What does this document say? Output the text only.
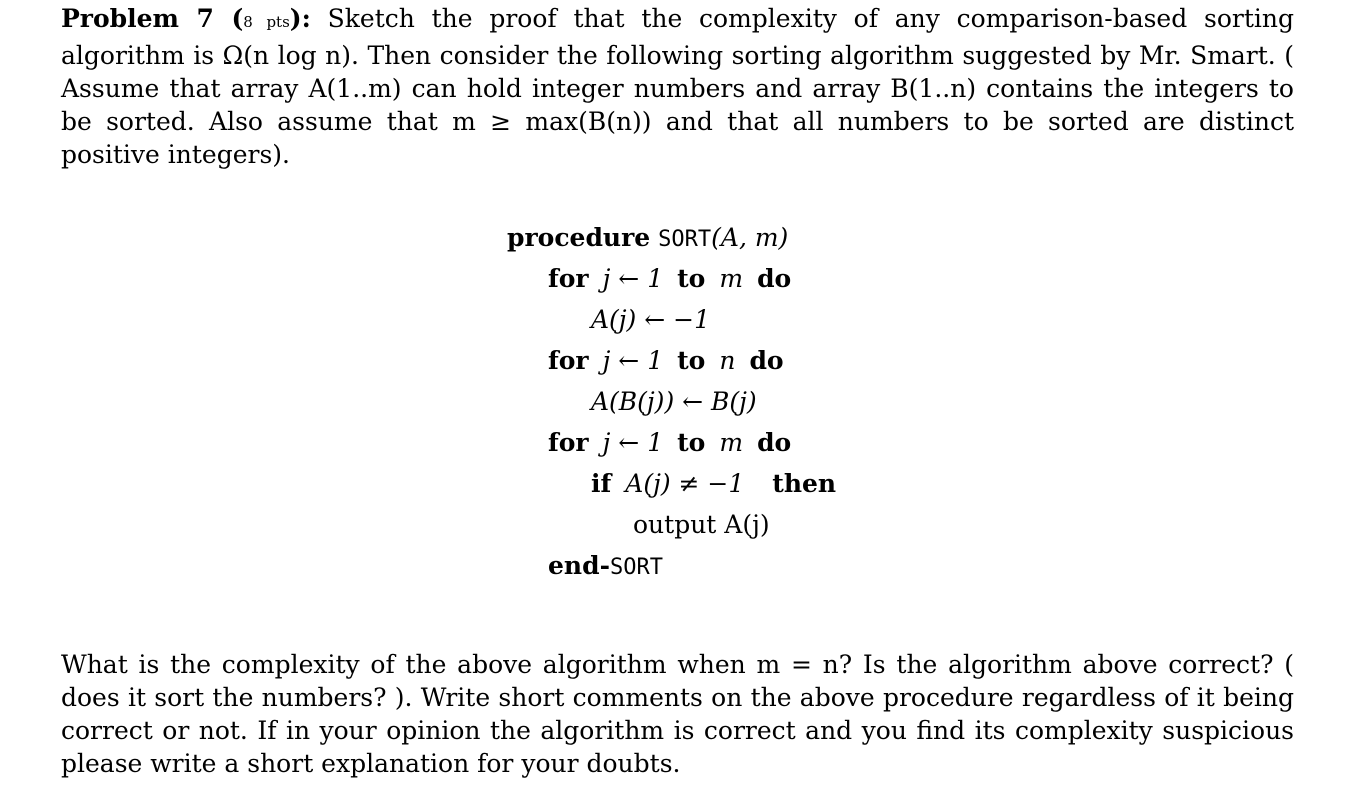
Problem 7 (8 pts): Sketch the proof that the complexity of any comparison-based sorting algorithm is Ω(n log n). Then consider the following sorting algorithm suggested by Mr. Smart. ( Assume that array A(1..m) can hold integer numbers and array B(1..n) contains the integers to be sorted. Also assume that m ≥ max(B(n)) and that all numbers to be sorted are distinct positive integers).
procedure SORT(A, m)
for j ← 1 to m do
A(j) ← −1
for j ← 1 to n do
A(B(j)) ← B(j)
for j ← 1 to m do
if A(j) ≠ −1 then
output A(j)
end-SORT
What is the complexity of the above algorithm when m = n? Is the algorithm above correct? ( does it sort the numbers? ). Write short comments on the above procedure regardless of it being correct or not. If in your opinion the algorithm is correct and you find its complexity suspicious please write a short explanation for your doubts.
